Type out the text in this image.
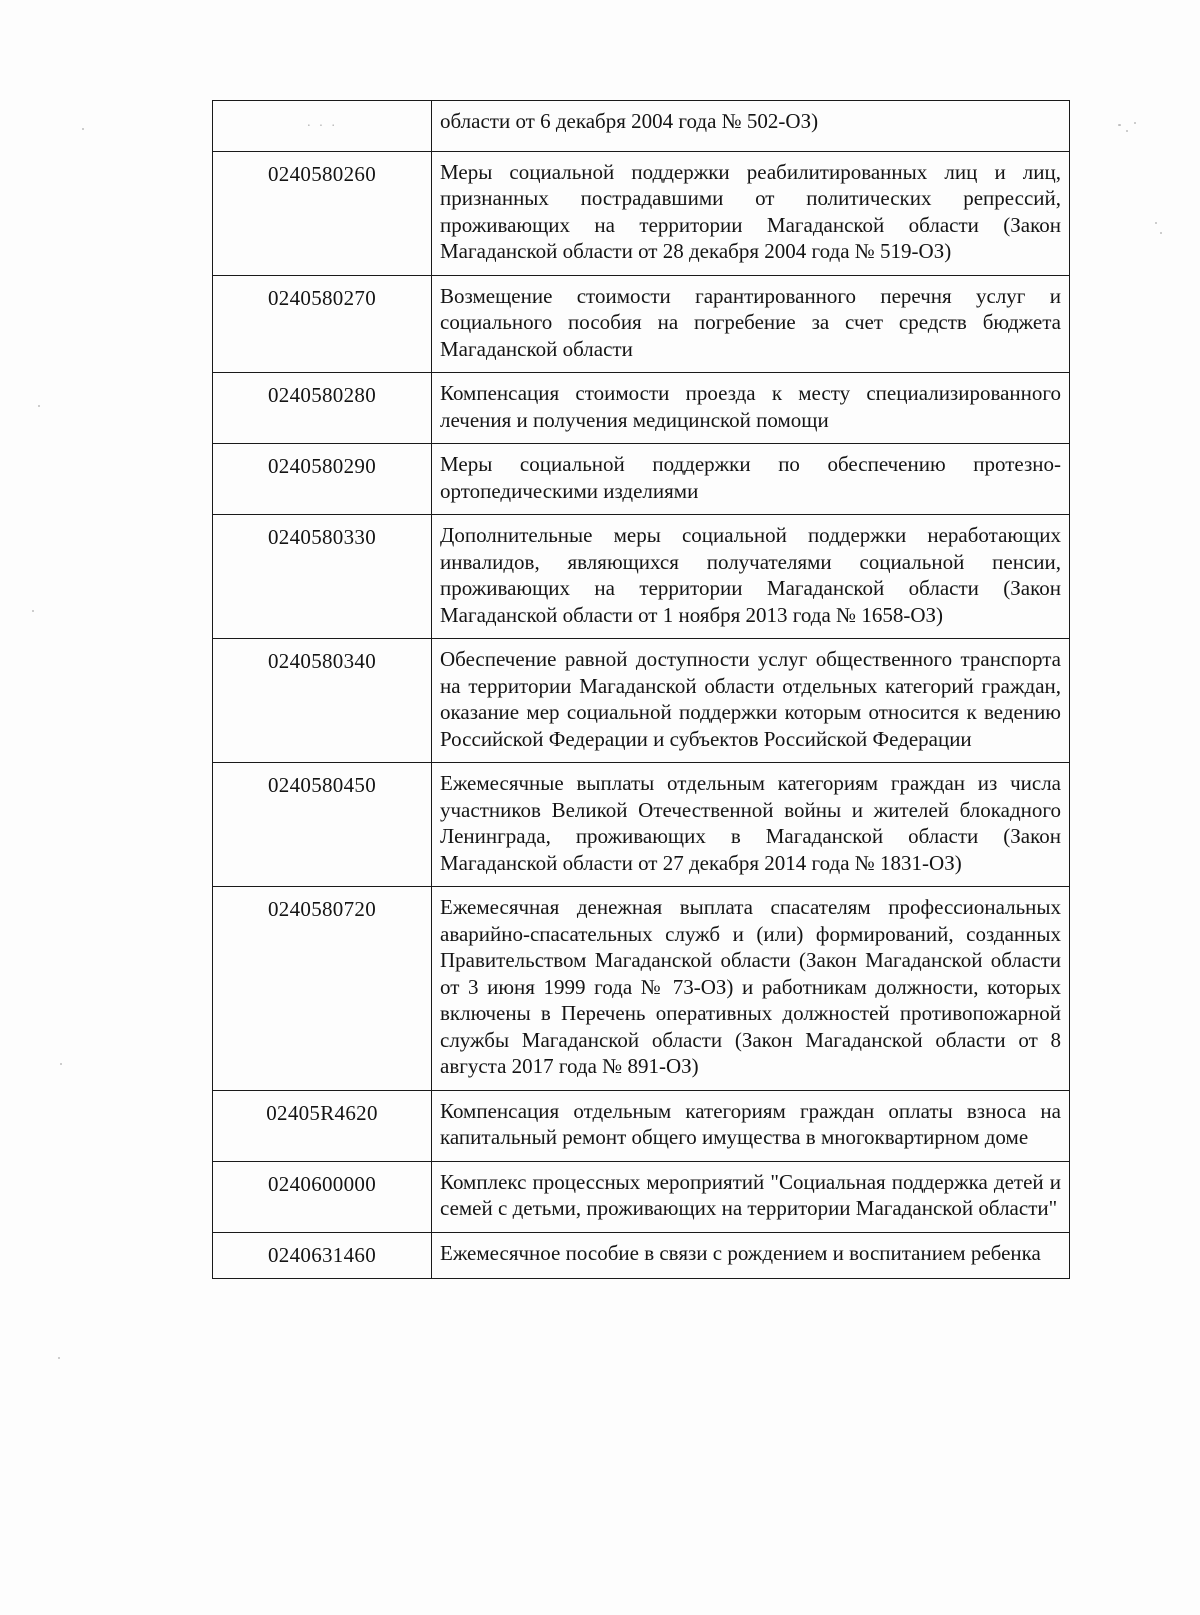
· · ·	области от 6 декабря 2004 года № 502-ОЗ)
0240580260	Меры социальной поддержки реабилитированных лиц и лиц, признанных пострадавшими от политических репрессий, проживающих на территории Магаданской области (Закон Магаданской области от 28 декабря 2004 года № 519-ОЗ)
0240580270	Возмещение стоимости гарантированного перечня услуг и социального пособия на погребение за счет средств бюджета Магаданской области
0240580280	Компенсация стоимости проезда к месту специализированного лечения и получения медицинской помощи
0240580290	Меры социальной поддержки по обеспечению протезно-ортопедическими изделиями
0240580330	Дополнительные меры социальной поддержки неработающих инвалидов, являющихся получателями социальной пенсии, проживающих на территории Магаданской области (Закон Магаданской области от 1 ноября 2013 года № 1658-ОЗ)
0240580340	Обеспечение равной доступности услуг общественного транспорта на территории Магаданской области отдельных категорий граждан, оказание мер социальной поддержки которым относится к ведению Российской Федерации и субъектов Российской Федерации
0240580450	Ежемесячные выплаты отдельным категориям граждан из числа участников Великой Отечественной войны и жителей блокадного Ленинграда, проживающих в Магаданской области (Закон Магаданской области от 27 декабря 2014 года № 1831-ОЗ)
0240580720	Ежемесячная денежная выплата спасателям профессиональных аварийно-спасательных служб и (или) формирований, созданных Правительством Магаданской области (Закон Магаданской области от 3 июня 1999 года № 73-ОЗ) и работникам должности, которых включены в Перечень оперативных должностей противопожарной службы Магаданской области (Закон Магаданской области от 8 августа 2017 года № 891-ОЗ)
02405R4620	Компенсация отдельным категориям граждан оплаты взноса на капитальный ремонт общего имущества в многоквартирном доме
0240600000	Комплекс процессных мероприятий "Социальная поддержка детей и семей с детьми, проживающих на территории Магаданской области"
0240631460	Ежемесячное пособие в связи с рождением и воспитанием ребенка
